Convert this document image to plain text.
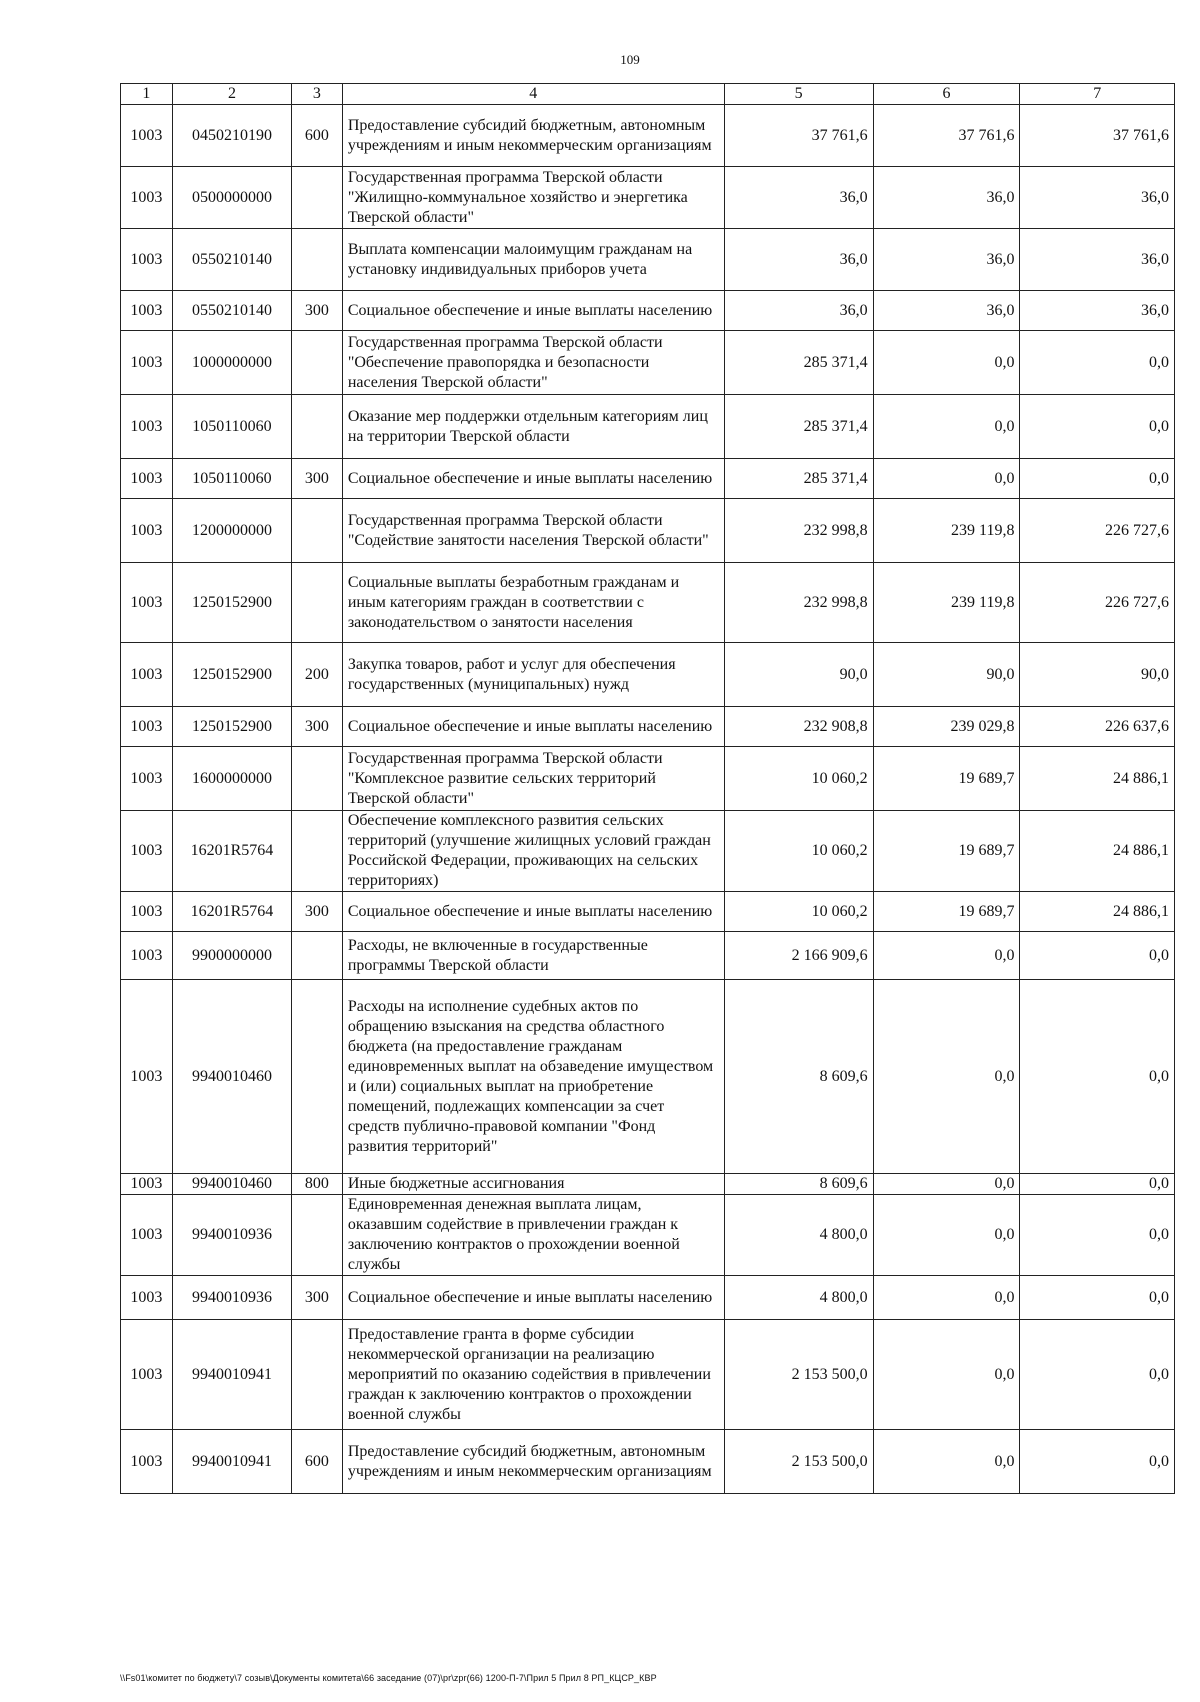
109
1	2	3	4	5	6	7
1003	0450210190	600	Предоставление субсидий бюджетным, автономным учреждениям и иным некоммерческим организациям	37 761,6	37 761,6	37 761,6
1003	0500000000		Государственная программа Тверской области "Жилищно-коммунальное хозяйство и энергетика Тверской области"	36,0	36,0	36,0
1003	0550210140		Выплата компенсации малоимущим гражданам на установку индивидуальных приборов учета	36,0	36,0	36,0
1003	0550210140	300	Социальное обеспечение и иные выплаты населению	36,0	36,0	36,0
1003	1000000000		Государственная программа Тверской области "Обеспечение правопорядка и безопасности населения Тверской области"	285 371,4	0,0	0,0
1003	1050110060		Оказание мер поддержки отдельным категориям лиц на территории Тверской области	285 371,4	0,0	0,0
1003	1050110060	300	Социальное обеспечение и иные выплаты населению	285 371,4	0,0	0,0
1003	1200000000		Государственная программа Тверской области "Содействие занятости населения Тверской области"	232 998,8	239 119,8	226 727,6
1003	1250152900		Социальные выплаты безработным гражданам и иным категориям граждан в соответствии с законодательством о занятости населения	232 998,8	239 119,8	226 727,6
1003	1250152900	200	Закупка товаров, работ и услуг для обеспечения государственных (муниципальных) нужд	90,0	90,0	90,0
1003	1250152900	300	Социальное обеспечение и иные выплаты населению	232 908,8	239 029,8	226 637,6
1003	1600000000		Государственная программа Тверской области "Комплексное развитие сельских территорий Тверской области"	10 060,2	19 689,7	24 886,1
1003	16201R5764		Обеспечение комплексного развития сельских территорий (улучшение жилищных условий граждан Российской Федерации, проживающих на сельских территориях)	10 060,2	19 689,7	24 886,1
1003	16201R5764	300	Социальное обеспечение и иные выплаты населению	10 060,2	19 689,7	24 886,1
1003	9900000000		Расходы, не включенные в государственные программы Тверской области	2 166 909,6	0,0	0,0
1003	9940010460		Расходы на исполнение судебных актов по обращению взыскания на средства областного бюджета (на предоставление гражданам единовременных выплат на обзаведение имуществом и (или) социальных выплат на приобретение помещений, подлежащих компенсации за счет средств публично-правовой компании "Фонд развития территорий"	8 609,6	0,0	0,0
1003	9940010460	800	Иные бюджетные ассигнования	8 609,6	0,0	0,0
1003	9940010936		Единовременная денежная выплата лицам, оказавшим содействие в привлечении граждан к заключению контрактов о прохождении военной службы	4 800,0	0,0	0,0
1003	9940010936	300	Социальное обеспечение и иные выплаты населению	4 800,0	0,0	0,0
1003	9940010941		Предоставление гранта в форме субсидии некоммерческой организации на реализацию мероприятий по оказанию содействия в привлечении граждан к заключению контрактов о прохождении военной службы	2 153 500,0	0,0	0,0
1003	9940010941	600	Предоставление субсидий бюджетным, автономным учреждениям и иным некоммерческим организациям	2 153 500,0	0,0	0,0
\\Fs01\комитет по бюджету\7 созыв\Документы комитета\66 заседание (07)\pr\zpr(66) 1200-П-7\Прил 5 Прил 8 РП_КЦСР_КВР
